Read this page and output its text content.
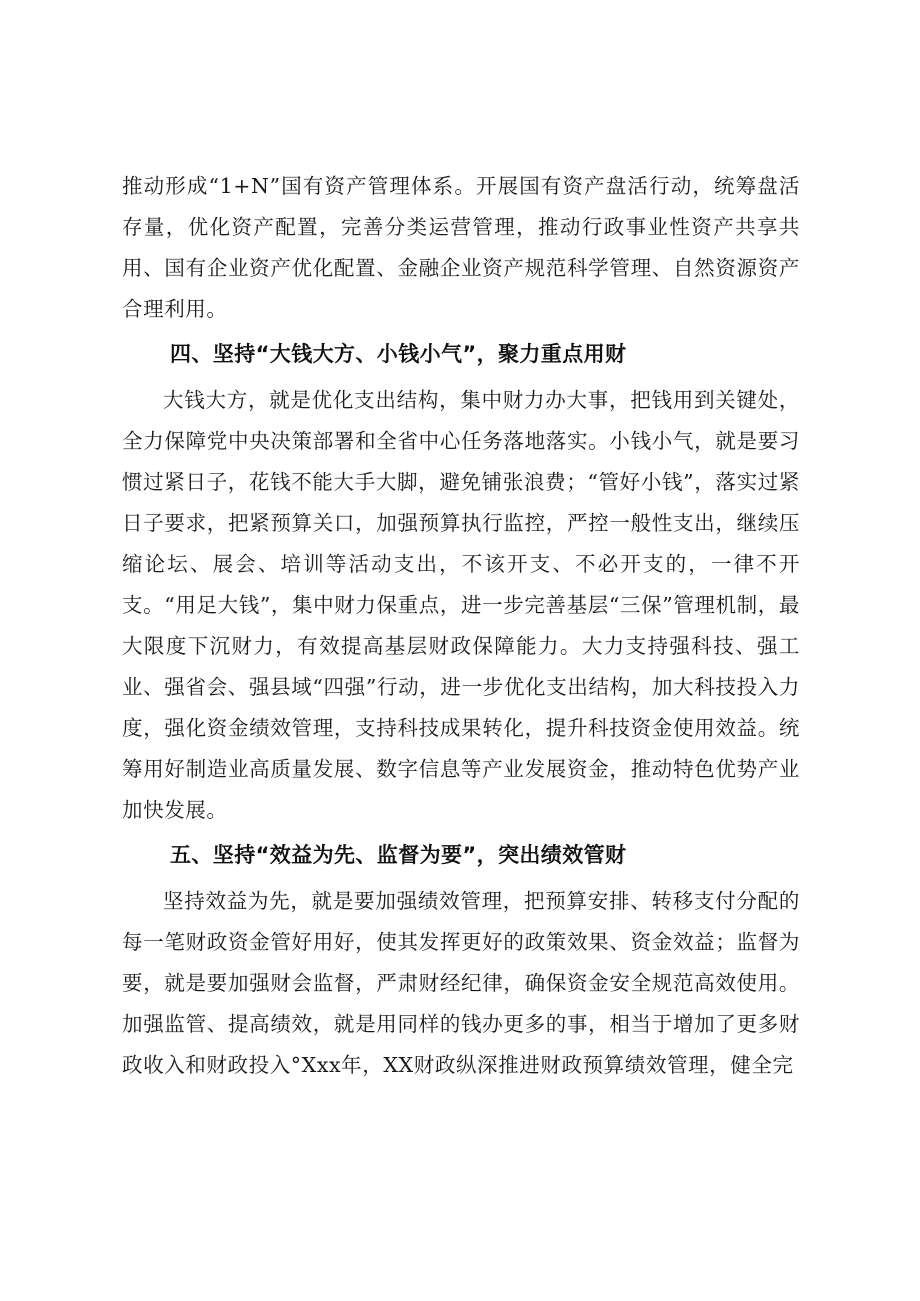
推动形成“1+N”国有资产管理体系。开展国有资产盘活行动，统筹盘活存量，优化资产配置，完善分类运营管理，推动行政事业性资产共享共用、国有企业资产优化配置、金融企业资产规范科学管理、自然资源资产合理利用。

四、坚持“大钱大方、小钱小气”，聚力重点用财

大钱大方，就是优化支出结构，集中财力办大事，把钱用到关键处，全力保障党中央决策部署和全省中心任务落地落实。小钱小气，就是要习惯过紧日子，花钱不能大手大脚，避免铺张浪费；“管好小钱”，落实过紧日子要求，把紧预算关口，加强预算执行监控，严控一般性支出，继续压缩论坛、展会、培训等活动支出，不该开支、不必开支的，一律不开支。“用足大钱”，集中财力保重点，进一步完善基层“三保”管理机制，最大限度下沉财力，有效提高基层财政保障能力。大力支持强科技、强工业、强省会、强县域“四强”行动，进一步优化支出结构，加大科技投入力度，强化资金绩效管理，支持科技成果转化，提升科技资金使用效益。统筹用好制造业高质量发展、数字信息等产业发展资金，推动特色优势产业加快发展。

五、坚持“效益为先、监督为要”，突出绩效管财

坚持效益为先，就是要加强绩效管理，把预算安排、转移支付分配的每一笔财政资金管好用好，使其发挥更好的政策效果、资金效益；监督为要，就是要加强财会监督，严肃财经纪律，确保资金安全规范高效使用。加强监管、提高绩效，就是用同样的钱办更多的事，相当于增加了更多财政收入和财政投入°Xxx年，XX财政纵深推进财政预算绩效管理，健全完
